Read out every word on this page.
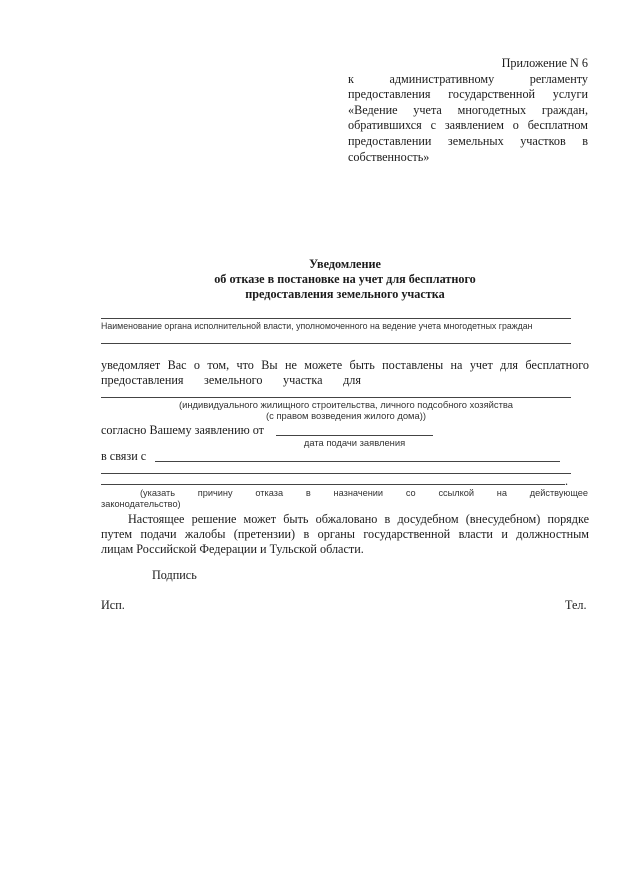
Приложение N 6
к административному регламенту
предоставления государственной услуги
«Ведение учета многодетных граждан,
обратившихся с заявлением о бесплатном
предоставлении земельных участков в
собственность»
Уведомление
об отказе в постановке на учет для бесплатного
предоставления земельного участка
Наименование органа исполнительной власти, уполномоченного на ведение учета многодетных граждан
уведомляет Вас о том, что Вы не можете быть поставлены на учет для бесплатного
предоставления земельного участка для
(индивидуального жилищного строительства, личного подсобного хозяйства
(с правом возведения жилого дома))
согласно Вашему заявлению от
дата подачи заявления
в связи с
.
(указать причину отказа в назначении со ссылкой на действующее
законодательство)
Настоящее решение может быть обжаловано в досудебном (внесудебном) порядке
путем подачи жалобы (претензии) в органы государственной власти и должностным
лицам Российской Федерации и Тульской области.
Подпись
Исп.	Тел.
